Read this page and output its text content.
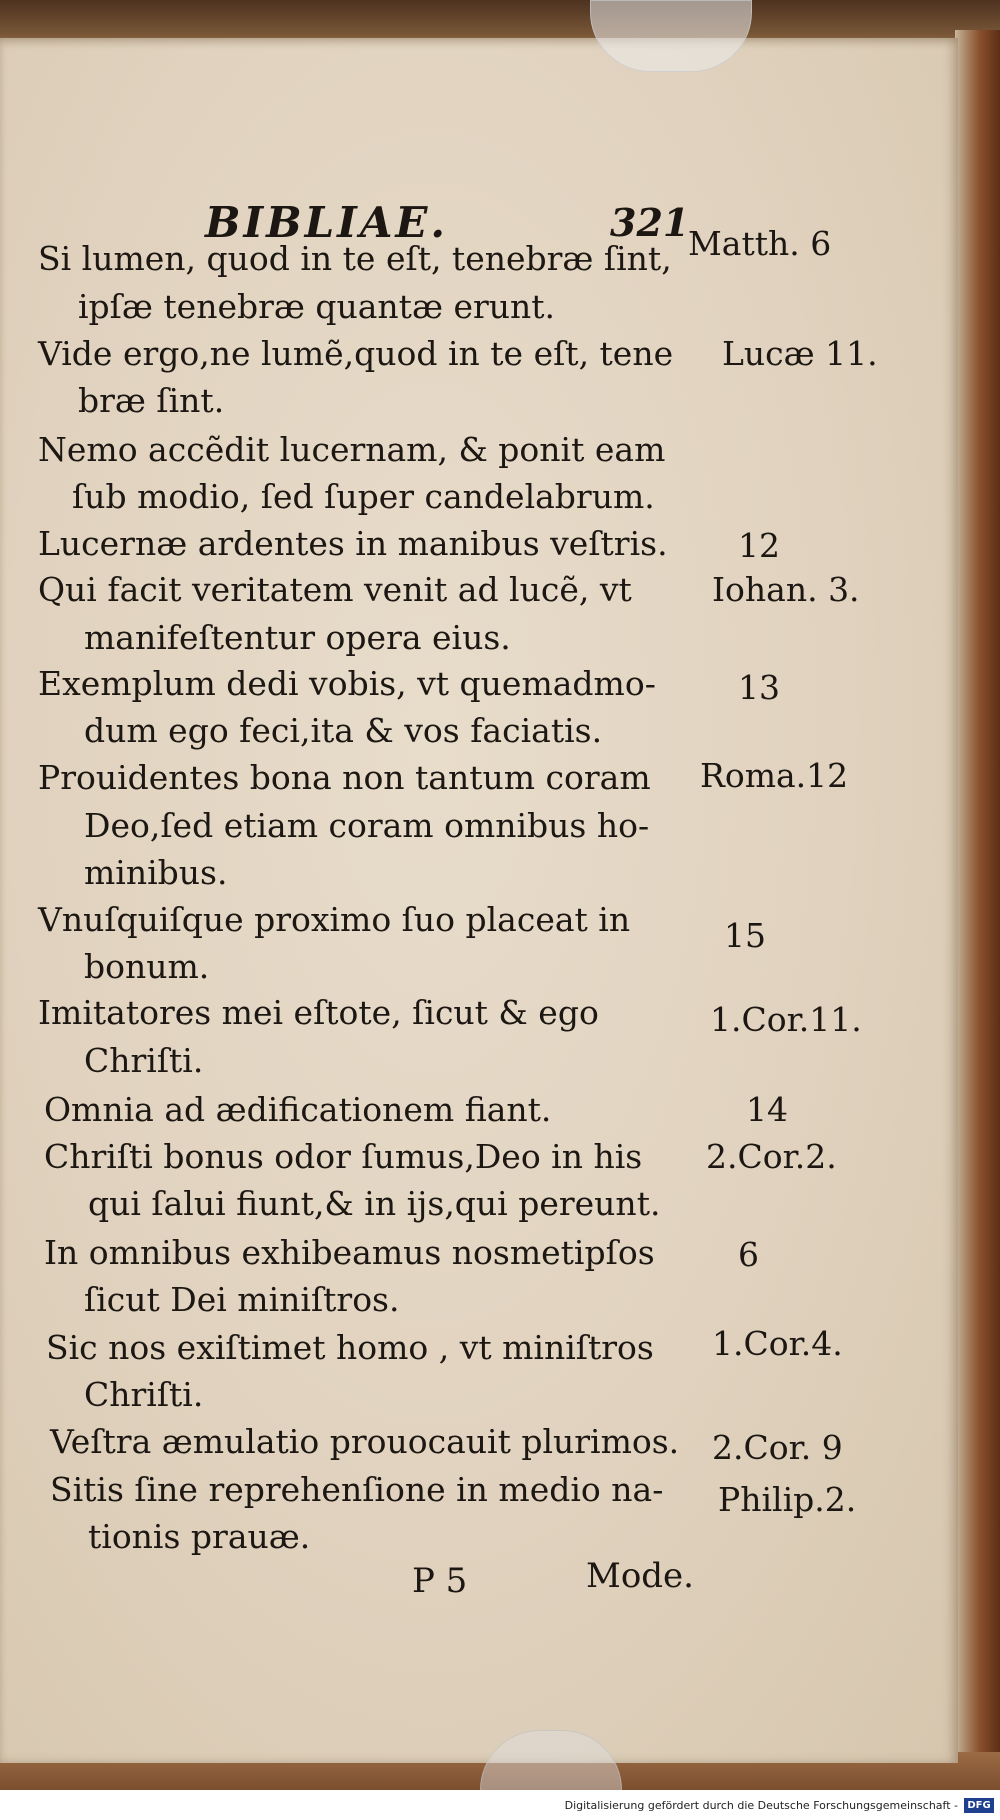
BIBLIAE.	321
Si lumen, quod in te eſt, tenebræ ſint, Matth. 6
ipſæ tenebræ quantæ erunt.
Vide ergo,ne lumẽ,quod in te eſt, tene Lucæ 11.
bræ ſint.
Nemo accẽdit lucernam, & ponit eam
ſub modio, ſed ſuper candelabrum.
Lucernæ ardentes in manibus veſtris. 12
Qui facit veritatem venit ad lucẽ, vt Iohan. 3.
manifeſtentur opera eius.
Exemplum dedi vobis, vt quemadmo- 13
dum ego feci,ita & vos faciatis.
Prouidentes bona non tantum coram Roma.12
Deo,ſed etiam coram omnibus ho-
minibus.
Vnuſquiſque proximo ſuo placeat in	15
bonum.
Imitatores mei eſtote, ſicut & ego	1.Cor.11.
Chriſti.
Omnia ad ædificationem fiant.	14
Chriſti bonus odor ſumus,Deo in his 2.Cor.2.
qui ſalui fiunt,& in ijs,qui pereunt.
In omnibus exhibeamus nosmetipſos	6
ſicut Dei miniſtros.
Sic nos exiſtimet homo , vt miniſtros 1.Cor.4.
Chriſti.
Veſtra æmulatio prouocauit plurimos. 2.Cor. 9
Sitis ſine reprehenſione in medio na- Philip.2.
tionis prauæ.
P 5	Mode.
Digitalisierung gefördert durch die Deutsche Forschungsgemeinschaft - DFG
